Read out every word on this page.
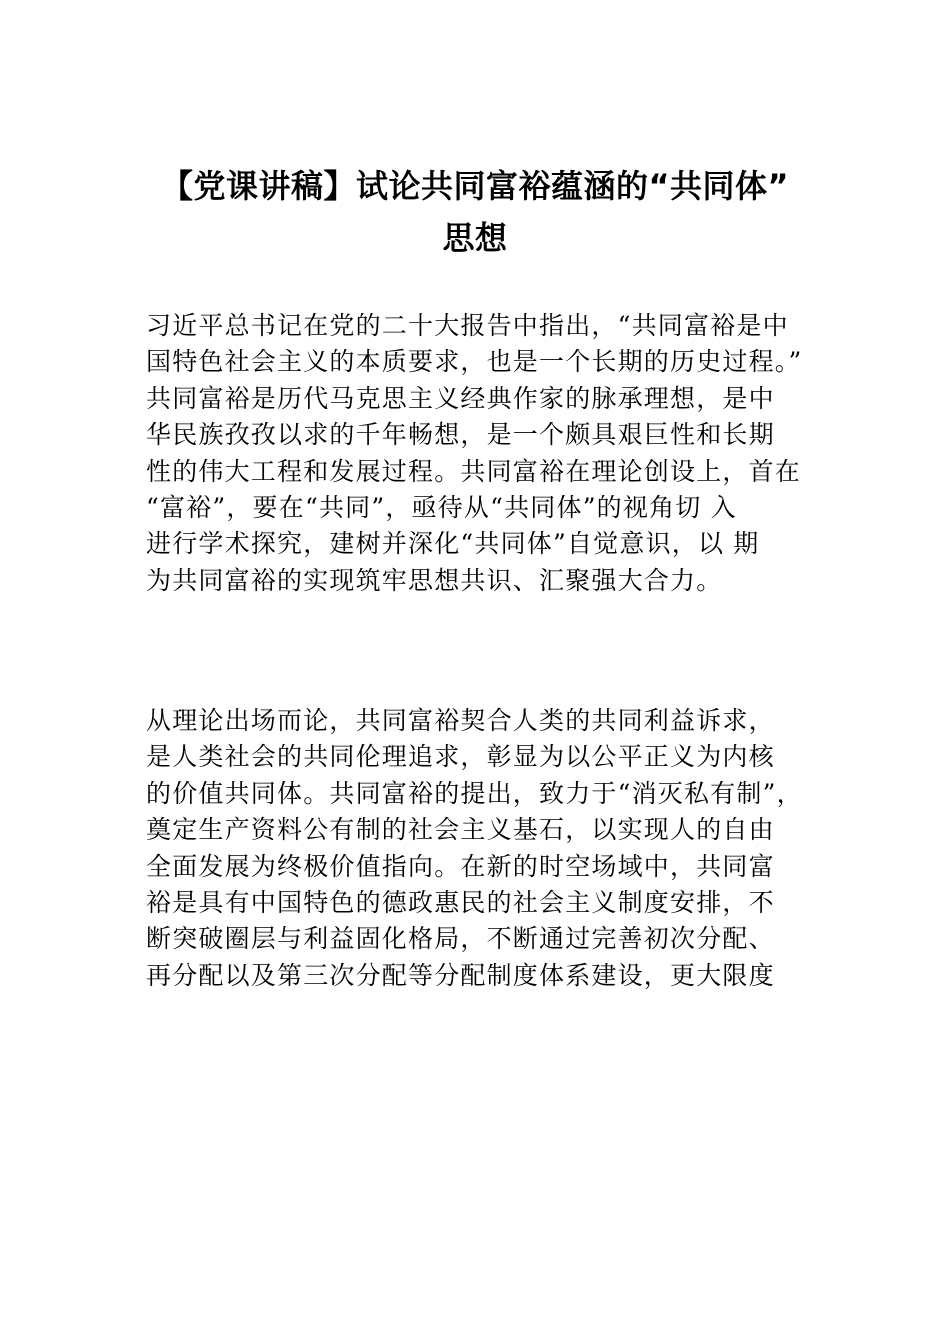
【党课讲稿】试论共同富裕蕴涵的“共同体”
思想
习近平总书记在党的二十大报告中指出，“共同富裕是中
国特色社会主义的本质要求，也是一个长期的历史过程。”
共同富裕是历代马克思主义经典作家的脉承理想，是中
华民族孜孜以求的千年畅想，是一个颇具艰巨性和长期
性的伟大工程和发展过程。共同富裕在理论创设上，首在
“富裕”，要在“共同”，亟待从“共同体”的视角切 入
进行学术探究，建树并深化“共同体”自觉意识，以 期
为共同富裕的实现筑牢思想共识、汇聚强大合力。
从理论出场而论，共同富裕契合人类的共同利益诉求，
是人类社会的共同伦理追求，彰显为以公平正义为内核
的价值共同体。共同富裕的提出，致力于“消灭私有制”，
奠定生产资料公有制的社会主义基石，以实现人的自由
全面发展为终极价值指向。在新的时空场域中，共同富
裕是具有中国特色的德政惠民的社会主义制度安排，不
断突破圈层与利益固化格局，不断通过完善初次分配、
再分配以及第三次分配等分配制度体系建设，更大限度
